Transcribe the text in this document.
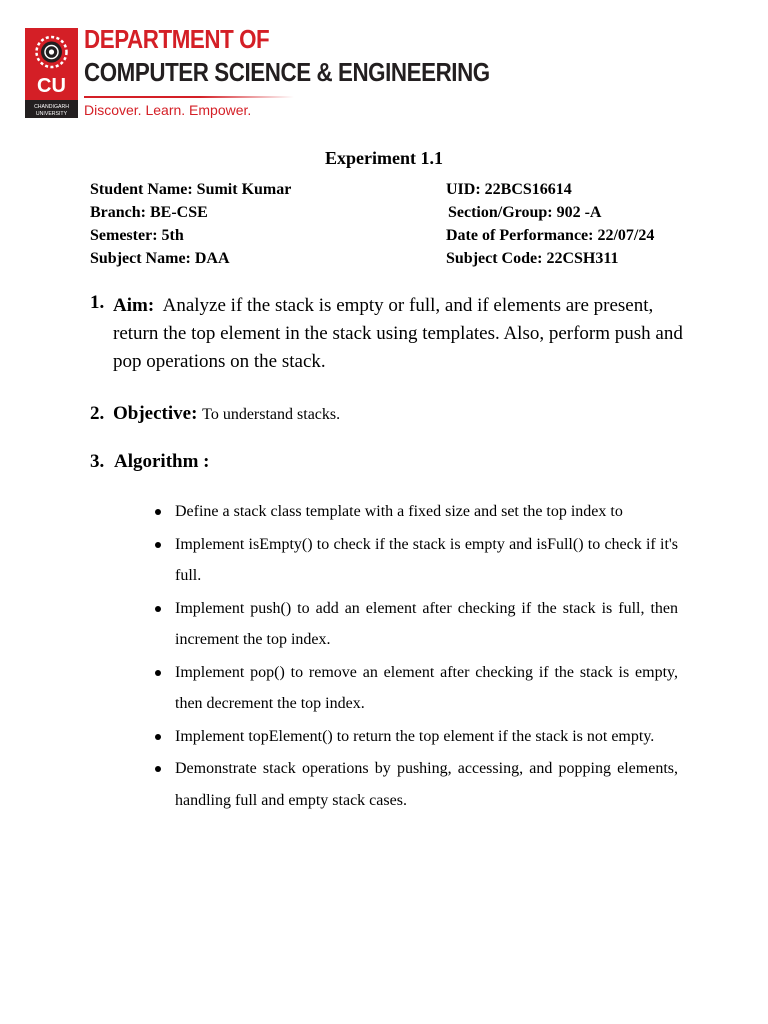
CU
CHANDIGARH
UNIVERSITY
DEPARTMENT OF
COMPUTER SCIENCE & ENGINEERING
Discover. Learn. Empower.
Experiment 1.1
Student Name: Sumit Kumar	UID: 22BCS16614
Branch: BE-CSE	Section/Group: 902 -A
Semester: 5th	Date of Performance: 22/07/24
Subject Name: DAA	Subject Code: 22CSH311
1. Aim: Analyze if the stack is empty or full, and if elements are present, return the top element in the stack using templates. Also, perform push and pop operations on the stack.
2. Objective: To understand stacks.
3. Algorithm :
Define a stack class template with a fixed size and set the top index to
Implement isEmpty() to check if the stack is empty and isFull() to check if it's full.
Implement push() to add an element after checking if the stack is full, then increment the top index.
Implement pop() to remove an element after checking if the stack is empty, then decrement the top index.
Implement topElement() to return the top element if the stack is not empty.
Demonstrate stack operations by pushing, accessing, and popping elements, handling full and empty stack cases.
